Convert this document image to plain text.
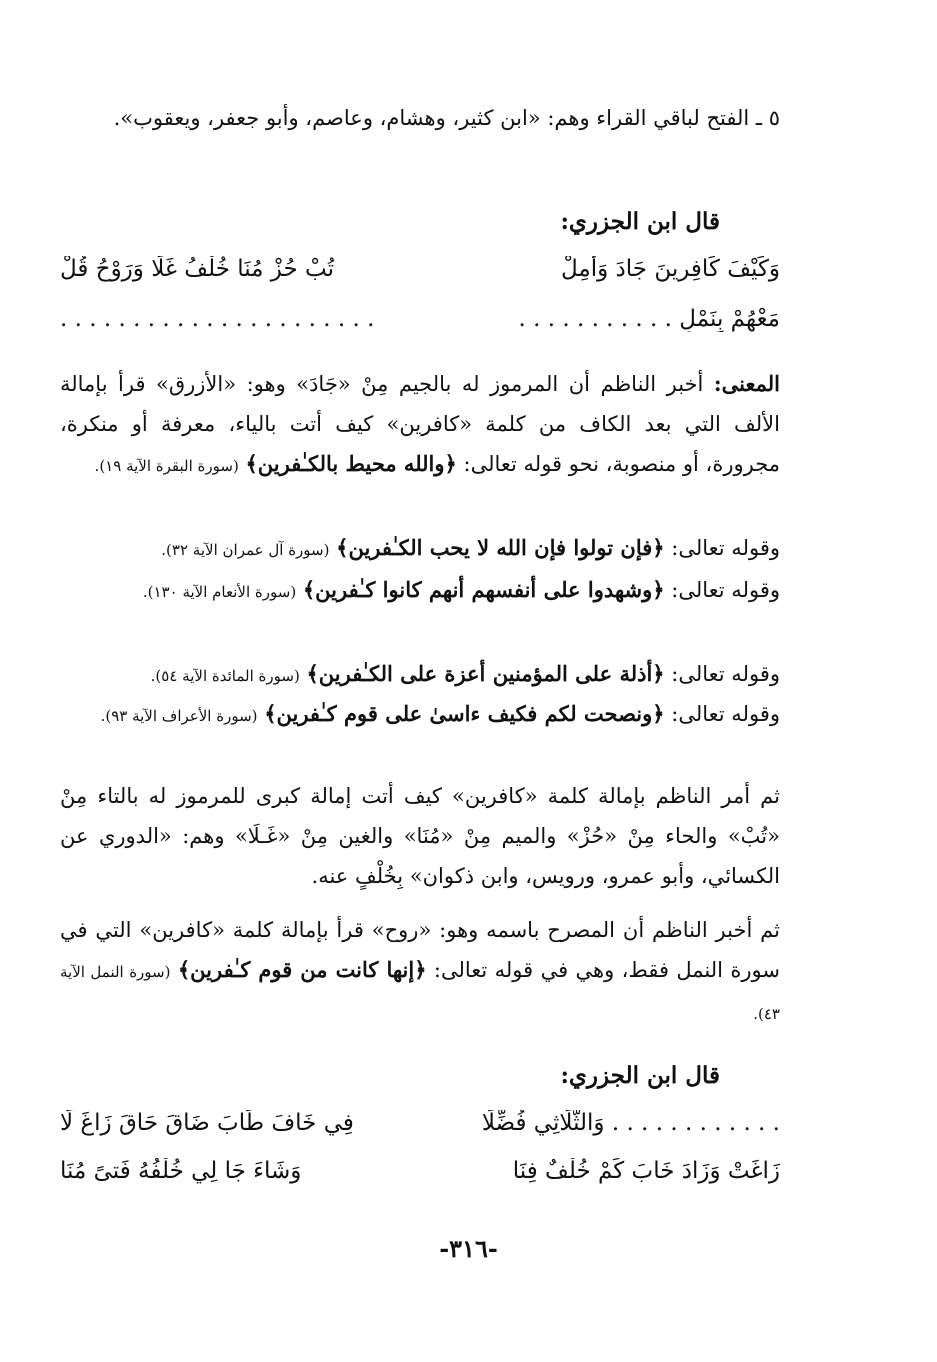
٥ ـ الفتح لباقي القراء وهم: «ابن كثير، وهشام، وعاصم، وأبو جعفر، ويعقوب».
قال ابن الجزري:
وَكَيْفَ كَافِرِينَ جَادَ وَأَمِلْ
تُبْ حُزْ مُنَا خُلْفُ غَلَا وَرَوْحُ قُلْ
مَعْهُمْ بِنَمْلٍ . . . . . . . . . . .
. . . . . . . . . . . . . . . . . . . . . .
المعنى: أخبر الناظم أن المرموز له بالجيم مِنْ «جَادَ» وهو: «الأزرق» قرأ بإمالة الألف التي بعد الكاف من كلمة «كافرين» كيف أتت بالياء، معرفة أو منكرة، مجرورة، أو منصوبة، نحو قوله تعالى: ﴿والله محيط بالكـٰفرين﴾ (سورة البقرة الآية ١٩).
وقوله تعالى: ﴿فإن تولوا فإن الله لا يحب الكـٰفرين﴾ (سورة آل عمران الآية ٣٢).
وقوله تعالى: ﴿وشهدوا على أنفسهم أنهم كانوا كـٰفرين﴾ (سورة الأنعام الآية ١٣٠).
وقوله تعالى: ﴿أذلة على المؤمنين أعزة على الكـٰفرين﴾ (سورة المائدة الآية ٥٤).
وقوله تعالى: ﴿ونصحت لكم فكيف ءاسىٰ على قوم كـٰفرين﴾ (سورة الأعراف الآية ٩٣).
ثم أمر الناظم بإمالة كلمة «كافرين» كيف أتت إمالة كبرى للمرموز له بالتاء مِنْ «تُبْ» والحاء مِنْ «حُزْ» والميم مِنْ «مُنَا» والغين مِنْ «غَـلَا» وهم: «الدوري عن الكسائي، وأبو عمرو، ورويس، وابن ذكوان» بِخُلْفٍ عنه.
ثم أخبر الناظم أن المصرح باسمه وهو: «روح» قرأ بإمالة كلمة «كافرين» التي في سورة النمل فقط، وهي في قوله تعالى: ﴿إنها كانت من قوم كـٰفرين﴾ (سورة النمل الآية ٤٣).
قال ابن الجزري:
. . . . . . . . . . . . وَالثُّلَاثِي فُضِّلَا
فِي خَافَ طَابَ ضَاقَ حَاقَ زَاغَ لَا
زَاغَتْ وَزَادَ خَابَ كَمْ خُلْفٌ فِنَا
وَشَاءَ جَا لِي خُلْفُهُ فَتىً مُنَا
-٣١٦-
